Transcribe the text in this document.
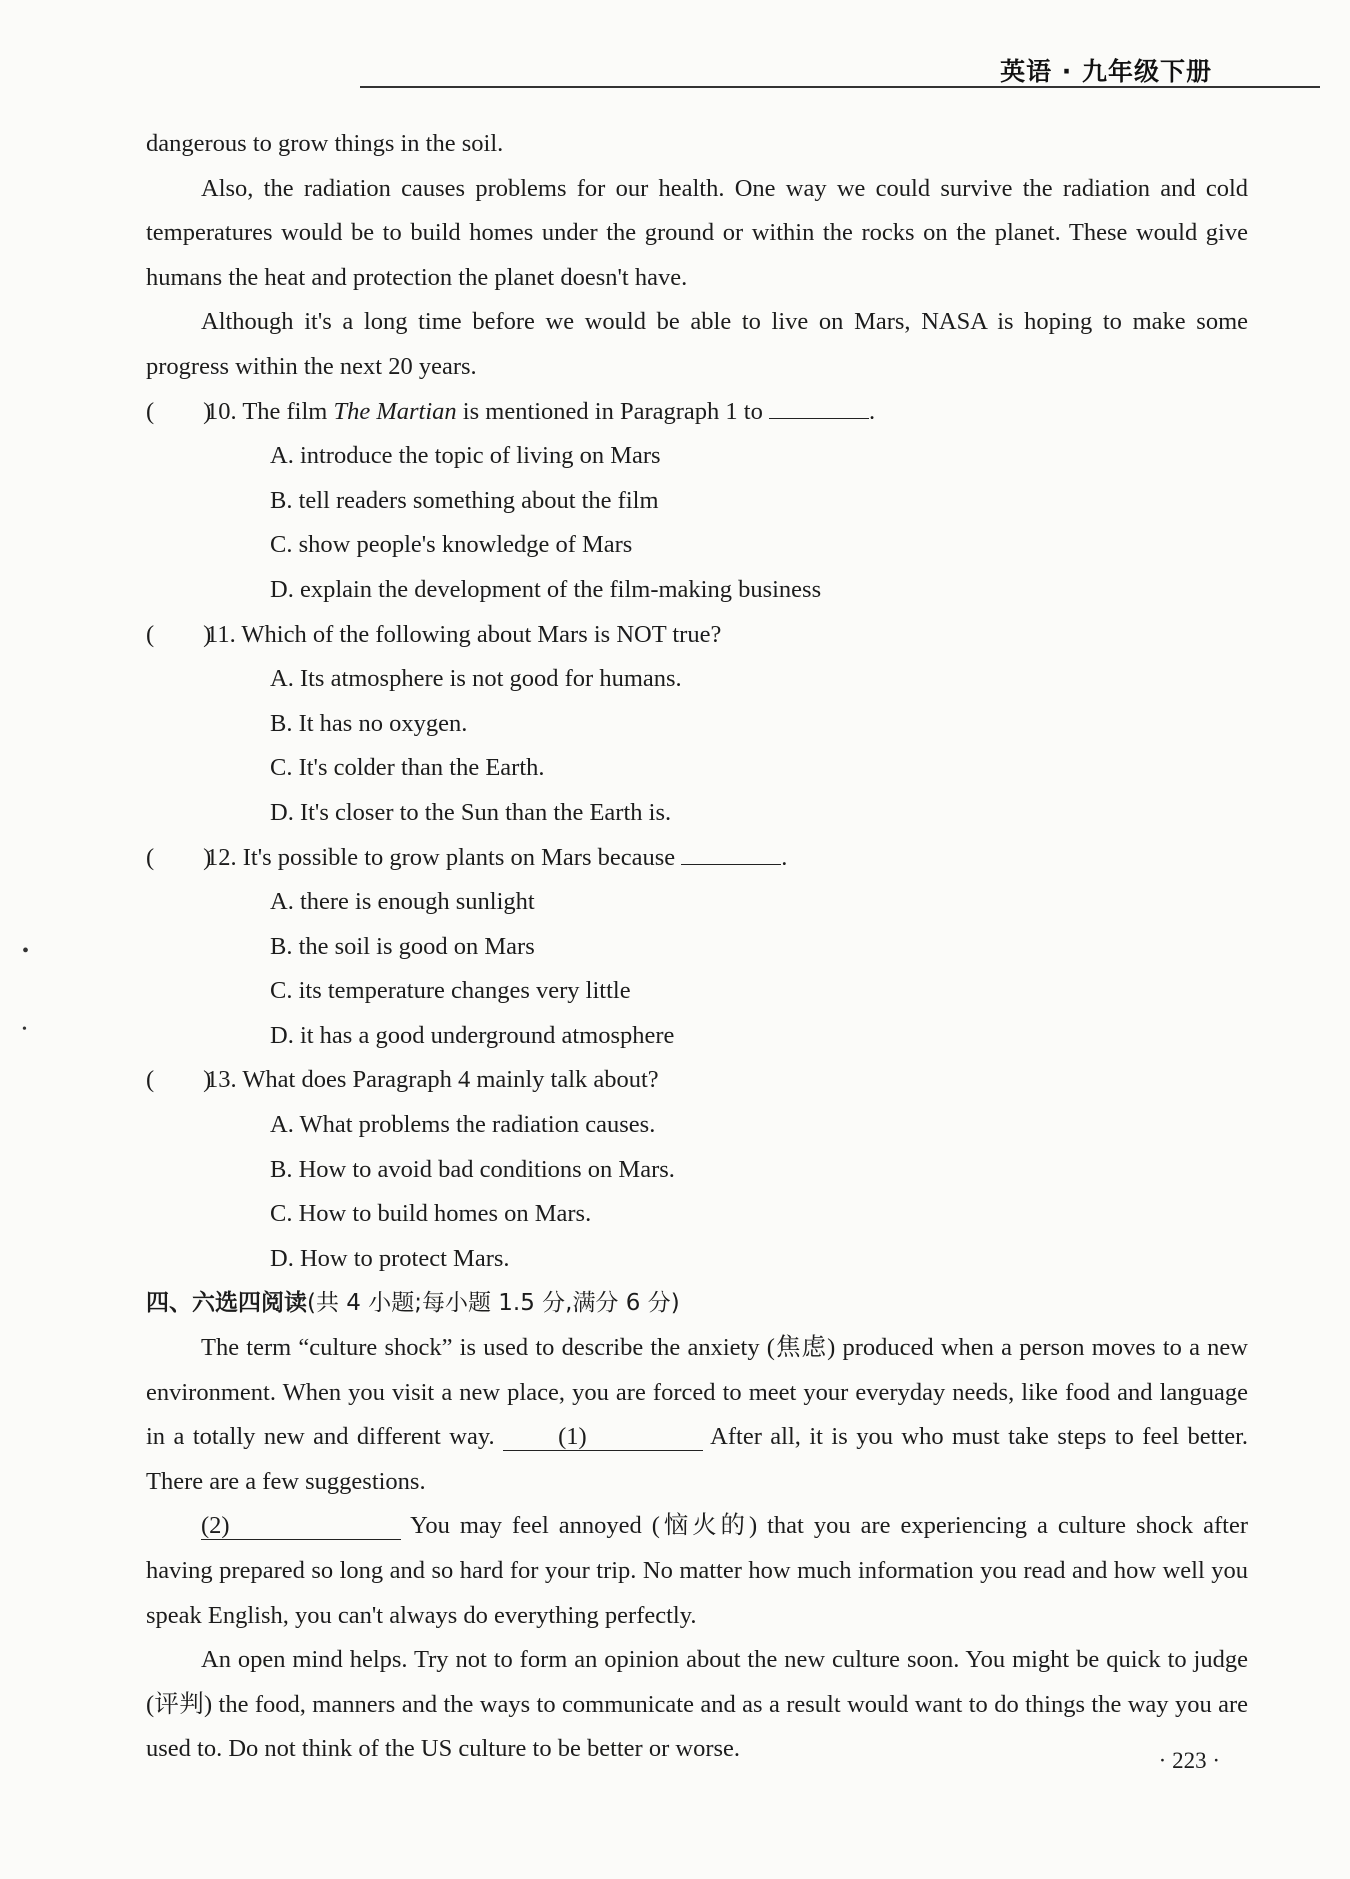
英语 · 九年级下册

dangerous to grow things in the soil.

Also, the radiation causes problems for our health. One way we could survive the radiation and cold temperatures would be to build homes under the ground or within the rocks on the planet. These would give humans the heat and protection the planet doesn't have.

Although it's a long time before we would be able to live on Mars, NASA is hoping to make some progress within the next 20 years.

(　　)10. The film The Martian is mentioned in Paragraph 1 to	.

A. introduce the topic of living on Mars

B. tell readers something about the film

C. show people's knowledge of Mars

D. explain the development of the film-making business

(　　)11. Which of the following about Mars is NOT true?

A. Its atmosphere is not good for humans.

B. It has no oxygen.

C. It's colder than the Earth.

D. It's closer to the Sun than the Earth is.

(　　)12. It's possible to grow plants on Mars because	.

A. there is enough sunlight

B. the soil is good on Mars

C. its temperature changes very little

D. it has a good underground atmosphere

(　　)13. What does Paragraph 4 mainly talk about?

A. What problems the radiation causes.

B. How to avoid bad conditions on Mars.

C. How to build homes on Mars.

D. How to protect Mars.

四、六选四阅读(共 4 小题;每小题 1.5 分,满分 6 分)

The term “culture shock” is used to describe the anxiety (焦虑) produced when a person moves to a new environment. When you visit a new place, you are forced to meet your everyday needs, like food and language in a totally new and different way. (1)	After all, it is you who must take steps to feel better. There are a few suggestions.

(2)	You may feel annoyed (恼火的) that you are experiencing a culture shock after having prepared so long and so hard for your trip. No matter how much information you read and how well you speak English, you can't always do everything perfectly.

An open mind helps. Try not to form an opinion about the new culture soon. You might be quick to judge (评判) the food, manners and the ways to communicate and as a result would want to do things the way you are used to. Do not think of the US culture to be better or worse.	· 223 ·
•
•
